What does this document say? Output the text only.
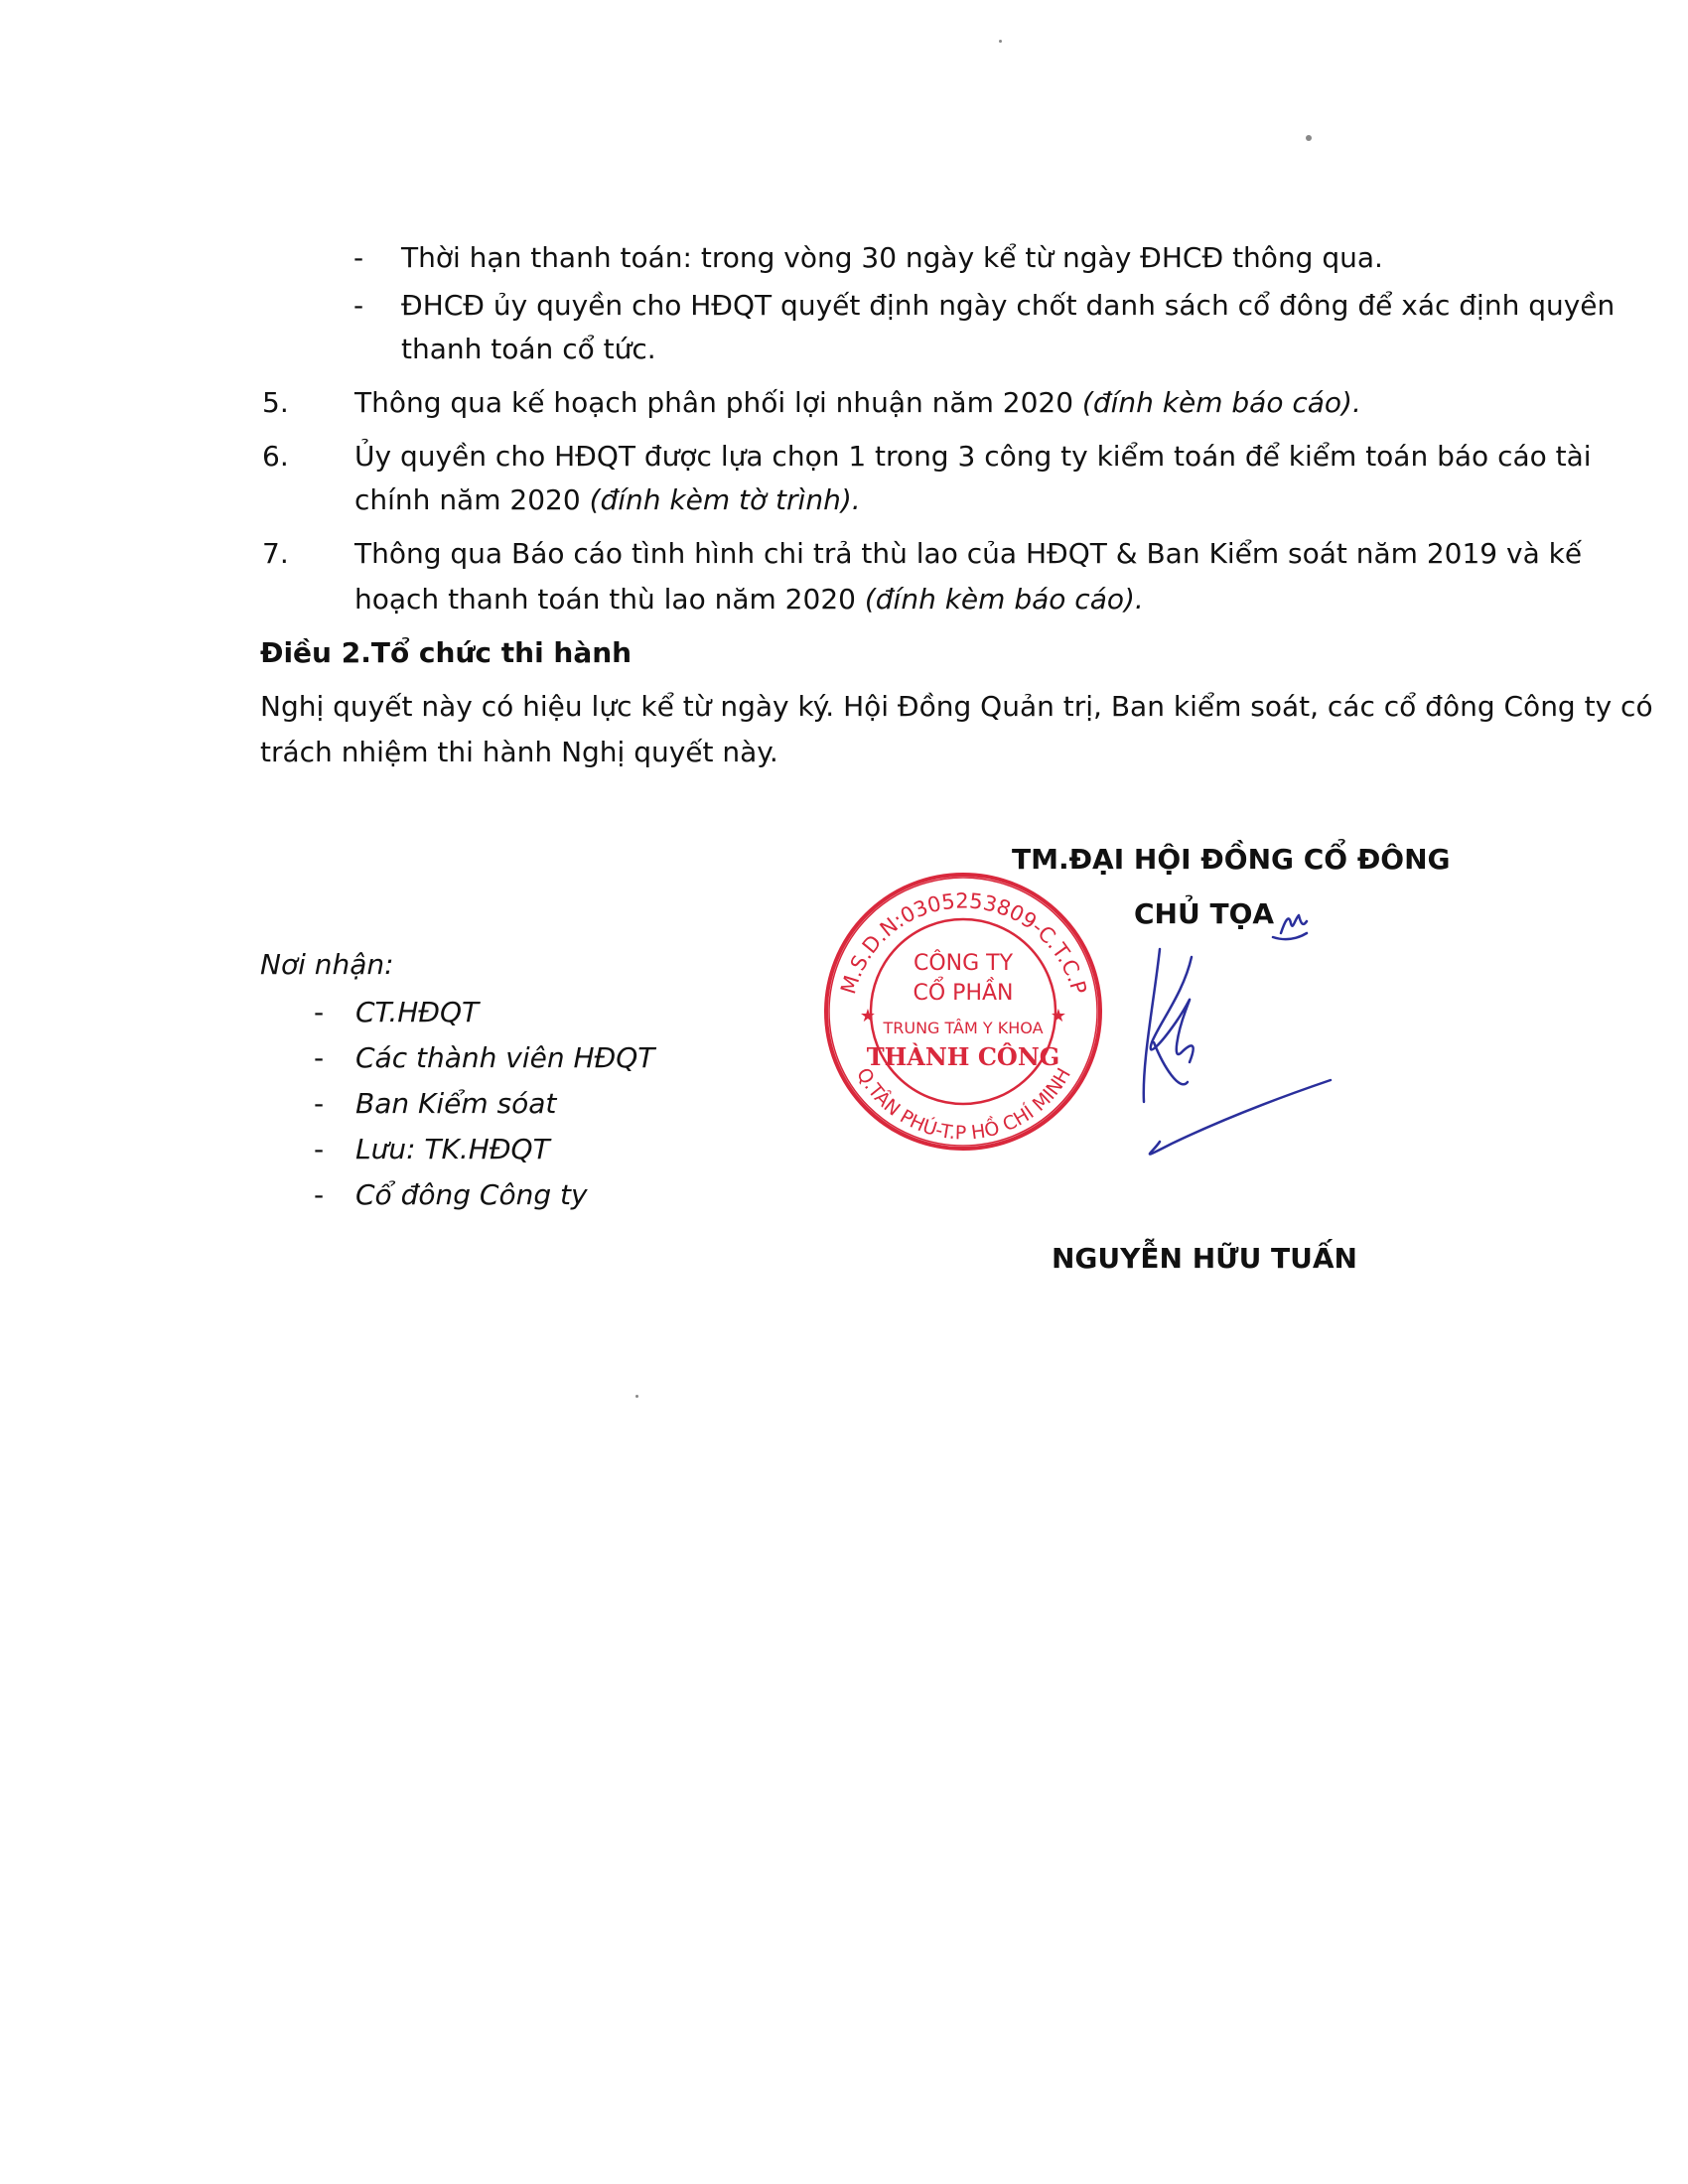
- Thời hạn thanh toán: trong vòng 30 ngày kể từ ngày ĐHCĐ thông qua.
- ĐHCĐ ủy quyền cho HĐQT quyết định ngày chốt danh sách cổ đông để xác định quyền
thanh toán cổ tức.
5. Thông qua kế hoạch phân phối lợi nhuận năm 2020 (đính kèm báo cáo).
6. Ủy quyền cho HĐQT được lựa chọn 1 trong 3 công ty kiểm toán để kiểm toán báo cáo tài
chính năm 2020 (đính kèm tờ trình).
7. Thông qua Báo cáo tình hình chi trả thù lao của HĐQT & Ban Kiểm soát năm 2019 và kế
hoạch thanh toán thù lao năm 2020 (đính kèm báo cáo).
Điều 2.Tổ chức thi hành
Nghị quyết này có hiệu lực kể từ ngày ký. Hội Đồng Quản trị, Ban kiểm soát, các cổ đông Công ty có
trách nhiệm thi hành Nghị quyết này.
TM.ĐẠI HỘI ĐỒNG CỔ ĐÔNG
CHỦ TỌA
NGUYỄN HỮU TUẤN
Nơi nhận:
- CT.HĐQT
- Các thành viên HĐQT
- Ban Kiểm sóat
- Lưu: TK.HĐQT
- Cổ đông Công ty
M.S.D.N:0305253809-C.T.C.P
Q.TÂN PHÚ-T.P HỒ CHÍ MINH
CÔNG TY
CỔ PHẦN
TRUNG TÂM Y KHOA
THÀNH CÔNG
★	★
